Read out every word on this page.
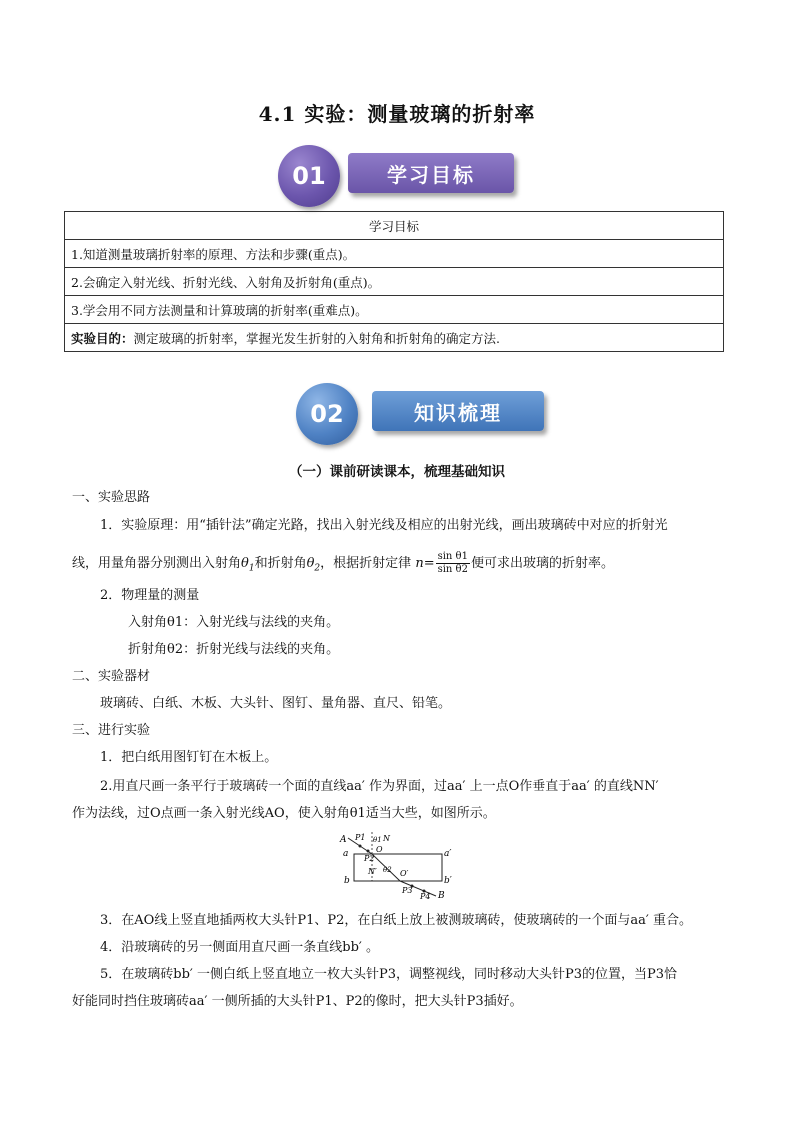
4.1 实验：测量玻璃的折射率
学习目标
01
学习目标
1.知道测量玻璃折射率的原理、方法和步骤(重点)。
2.会确定入射光线、折射光线、入射角及折射角(重点)。
3.学会用不同方法测量和计算玻璃的折射率(重难点)。
实验目的：测定玻璃的折射率，掌握光发生折射的入射角和折射角的确定方法.
知识梳理
02
（一）课前研读课本，梳理基础知识
一、实验思路
1．实验原理：用“插针法”确定光路，找出入射光线及相应的出射光线，画出玻璃砖中对应的折射光
线，用量角器分别测出入射角$\theta_1$和折射角$\theta_2$，根据折射定律 $n= \frac{\text{sin θ1}}{\text{sin θ2}}$ 便可求出玻璃的折射率。
2．物理量的测量
入射角θ1：入射光线与法线的夹角。
折射角θ2：折射光线与法线的夹角。
二、实验器材
玻璃砖、白纸、木板、大头针、图钉、量角器、直尺、铅笔。
三、进行实验
1．把白纸用图钉钉在木板上。
2.用直尺画一条平行于玻璃砖一个面的直线aa′ 作为界面，过aa′ 上一点O作垂直于aa′ 的直线NN′
作为法线，过O点画一条入射光线AO，使入射角θ1适当大些，如图所示。
A P1 θ1 N
a	O
P2	a′
N′ θ2 O′
b	b′
P3
P4 B
3．在AO线上竖直地插两枚大头针P1、P2，在白纸上放上被测玻璃砖，使玻璃砖的一个面与aa′ 重合。
4．沿玻璃砖的另一侧面用直尺画一条直线bb′ 。
5．在玻璃砖bb′ 一侧白纸上竖直地立一枚大头针P3，调整视线，同时移动大头针P3的位置，当P3恰
好能同时挡住玻璃砖aa′ 一侧所插的大头针P1、P2的像时，把大头针P3插好。
